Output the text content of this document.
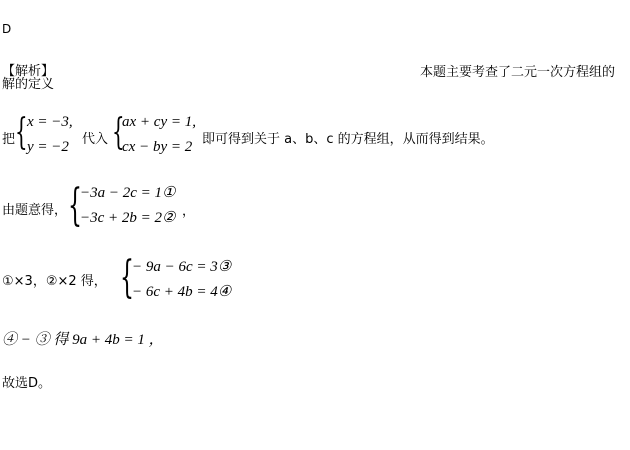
D
【解析】	本题主要考查了二元一次方程组的
解的定义
把 { x = −3,
y = −2 代入 {
ax + cy = 1,
cx − by = 2 即可得到关于 a、b、c 的方程组，从而得到结果。
由题意得， {
−3a − 2c = 1①
−3c + 2b = 2② ，
①×3，②×2 得， {
− 9a − 6c = 3③
− 6c + 4b = 4④
④ − ③ 得 9a + 4b = 1 ，
故选D。
